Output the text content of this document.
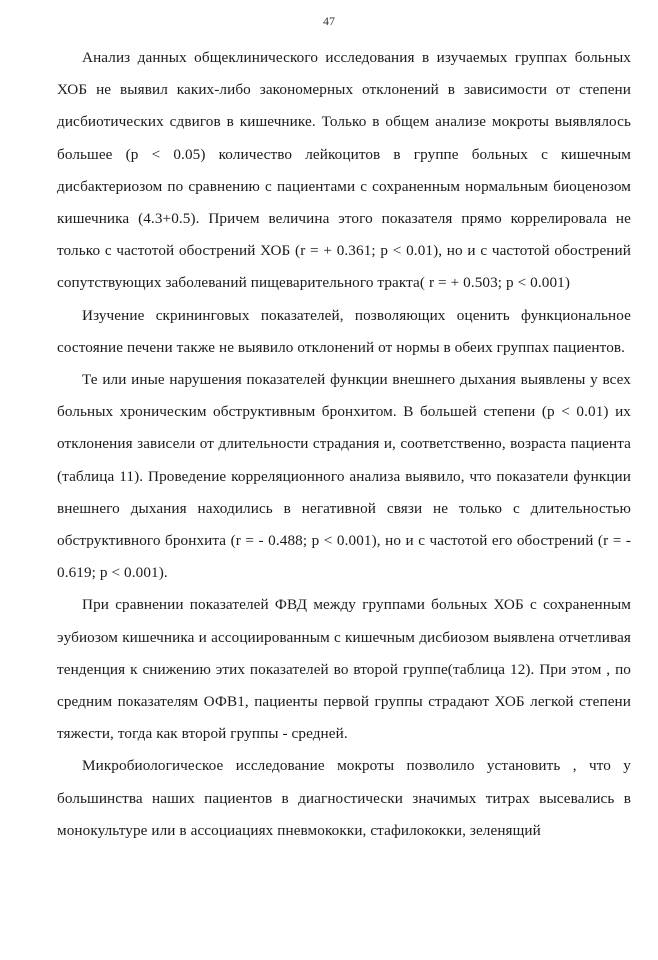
47

Анализ данных общеклинического исследования в изучаемых группах больных ХОБ не выявил каких-либо закономерных отклонений в зависимости от степени дисбиотических сдвигов в кишечнике. Только в общем анализе мокроты выявлялось большее (p < 0.05) количество лейкоцитов в группе больных с кишечным дисбактериозом по сравнению с пациентами с сохраненным нормальным биоценозом кишечника (4.3+0.5). Причем величина этого показателя прямо коррелировала не только с частотой обострений ХОБ (r = + 0.361; p < 0.01), но и с частотой обострений сопутствующих заболеваний пищеварительного тракта( r = + 0.503; p < 0.001)

Изучение скрининговых показателей, позволяющих оценить функциональное состояние печени также не выявило отклонений от нормы в обеих группах пациентов.

Те или иные нарушения показателей функции внешнего дыхания выявлены у всех больных хроническим обструктивным бронхитом. В большей степени (p < 0.01) их отклонения зависели от длительности страдания и, соответственно, возраста пациента (таблица 11). Проведение корреляционного анализа выявило, что показатели функции внешнего дыхания находились в негативной связи не только с длительностью обструктивного бронхита (r = - 0.488; p < 0.001), но и с частотой его обострений (r = - 0.619; p < 0.001).

При сравнении показателей ФВД между группами больных ХОБ с сохраненным эубиозом кишечника и ассоциированным с кишечным дисбиозом выявлена отчетливая тенденция к снижению этих показателей во второй группе(таблица 12). При этом , по средним показателям ОФВ1, пациенты первой группы страдают ХОБ легкой степени тяжести, тогда как второй группы - средней.

Микробиологическое исследование мокроты позволило установить , что у большинства наших пациентов в диагностически значимых титрах высевались в монокультуре или в ассоциациях пневмококки, стафилококки, зеленящий
